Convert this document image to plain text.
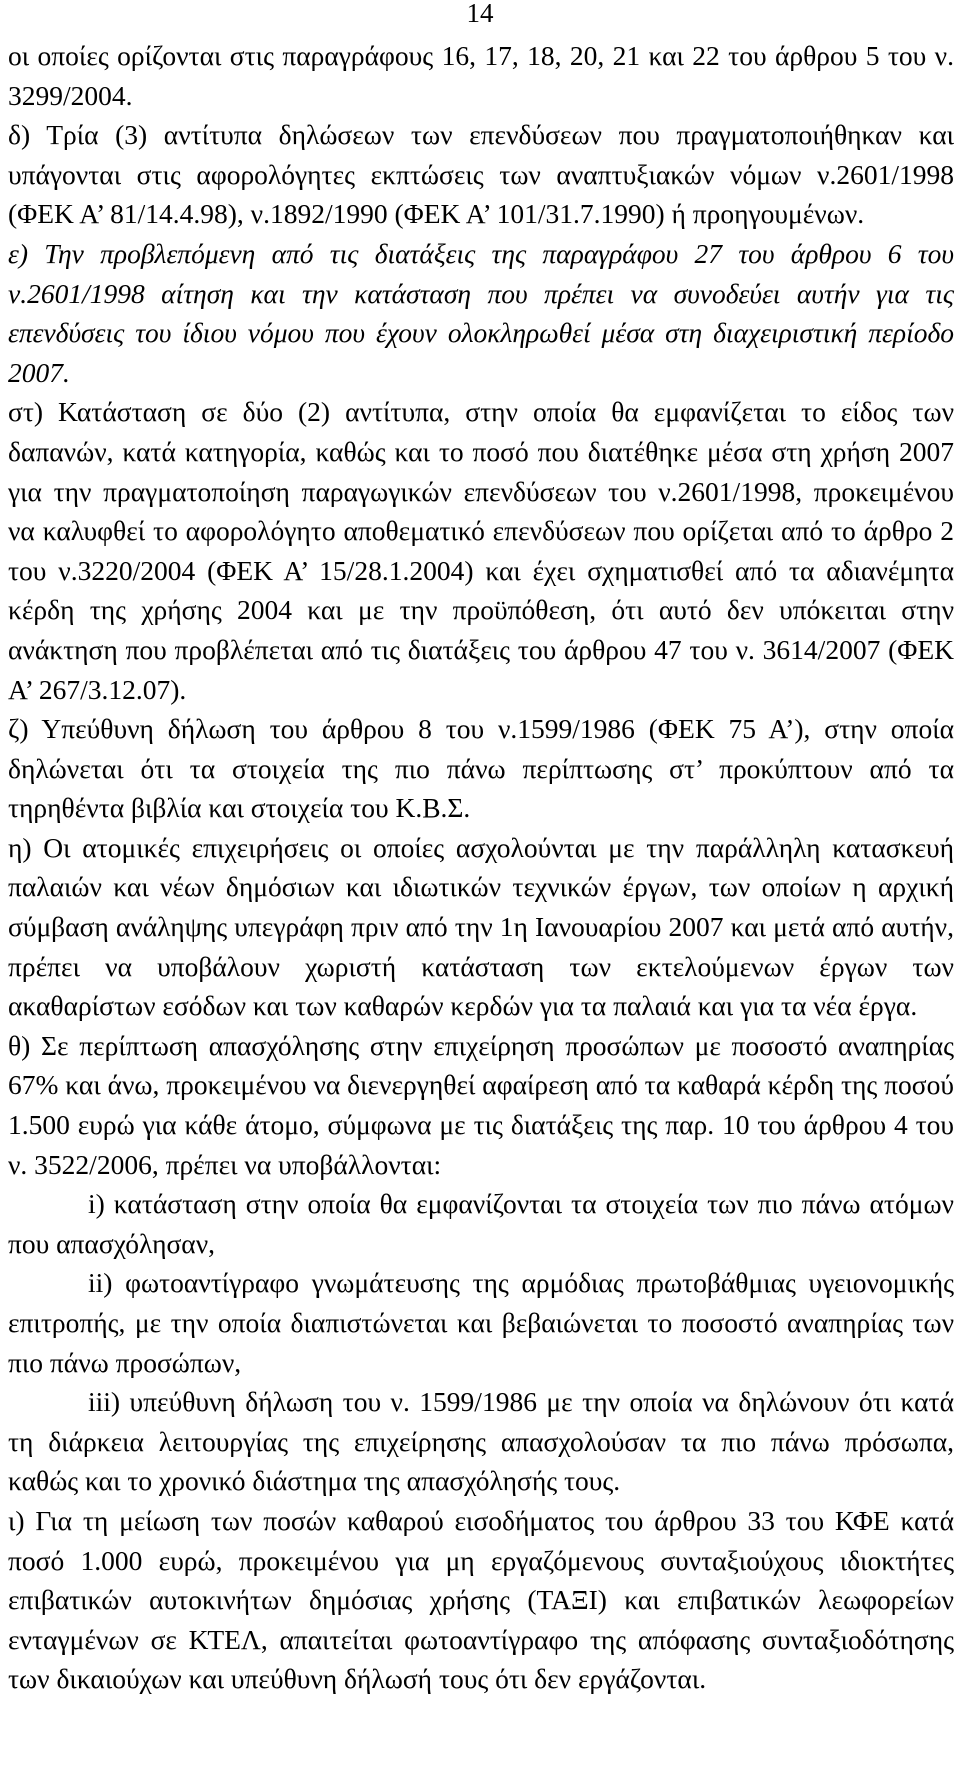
14

οι οποίες ορίζονται στις παραγράφους 16, 17, 18, 20, 21 και 22 του άρθρου 5 του ν. 3299/2004.

δ) Τρία (3) αντίτυπα δηλώσεων των επενδύσεων που πραγματοποιήθηκαν και υπάγονται στις αφορολόγητες εκπτώσεις των αναπτυξιακών νόμων ν.2601/1998 (ΦΕΚ Α’ 81/14.4.98), ν.1892/1990 (ΦΕΚ Α’ 101/31.7.1990) ή προηγουμένων.

ε) Την προβλεπόμενη από τις διατάξεις της παραγράφου 27 του άρθρου 6 του ν.2601/1998 αίτηση και την κατάσταση που πρέπει να συνοδεύει αυτήν για τις επενδύσεις του ίδιου νόμου που έχουν ολοκληρωθεί μέσα στη διαχειριστική περίοδο 2007.

στ) Κατάσταση σε δύο (2) αντίτυπα, στην οποία θα εμφανίζεται το είδος των δαπανών, κατά κατηγορία, καθώς και το ποσό που διατέθηκε μέσα στη χρήση 2007 για την πραγματοποίηση παραγωγικών επενδύσεων του ν.2601/1998, προκειμένου να καλυφθεί το αφορολόγητο αποθεματικό επενδύσεων που ορίζεται από το άρθρο 2 του ν.3220/2004 (ΦΕΚ Α’ 15/28.1.2004) και έχει σχηματισθεί από τα αδιανέμητα κέρδη της χρήσης 2004 και με την προϋπόθεση, ότι αυτό δεν υπόκειται στην ανάκτηση που προβλέπεται από τις διατάξεις του άρθρου 47 του ν. 3614/2007 (ΦΕΚ Α’ 267/3.12.07).

ζ) Υπεύθυνη δήλωση του άρθρου 8 του ν.1599/1986 (ΦΕΚ 75 Α’), στην οποία δηλώνεται ότι τα στοιχεία της πιο πάνω περίπτωσης στ’ προκύπτουν από τα τηρηθέντα βιβλία και στοιχεία του Κ.Β.Σ.

η) Οι ατομικές επιχειρήσεις οι οποίες ασχολούνται με την παράλληλη κατασκευή παλαιών και νέων δημόσιων και ιδιωτικών τεχνικών έργων, των οποίων η αρχική σύμβαση ανάληψης υπεγράφη πριν από την 1η Ιανουαρίου 2007 και μετά από αυτήν, πρέπει να υποβάλουν χωριστή κατάσταση των εκτελούμενων έργων των ακαθαρίστων εσόδων και των καθαρών κερδών για τα παλαιά και για τα νέα έργα.

θ) Σε περίπτωση απασχόλησης στην επιχείρηση προσώπων με ποσοστό αναπηρίας 67% και άνω, προκειμένου να διενεργηθεί αφαίρεση από τα καθαρά κέρδη της ποσού 1.500 ευρώ για κάθε άτομο, σύμφωνα με τις διατάξεις της παρ. 10 του άρθρου 4 του ν. 3522/2006, πρέπει να υποβάλλονται:

i) κατάσταση στην οποία θα εμφανίζονται τα στοιχεία των πιο πάνω ατόμων που απασχόλησαν,

ii) φωτοαντίγραφο γνωμάτευσης της αρμόδιας πρωτοβάθμιας υγειονομικής επιτροπής, με την οποία διαπιστώνεται και βεβαιώνεται το ποσοστό αναπηρίας των πιο πάνω προσώπων,

iii) υπεύθυνη δήλωση του ν. 1599/1986 με την οποία να δηλώνουν ότι κατά τη διάρκεια λειτουργίας της επιχείρησης απασχολούσαν τα πιο πάνω πρόσωπα, καθώς και το χρονικό διάστημα της απασχόλησής τους.

ι) Για τη μείωση των ποσών καθαρού εισοδήματος του άρθρου 33 του ΚΦΕ κατά ποσό 1.000 ευρώ, προκειμένου για μη εργαζόμενους συνταξιούχους ιδιοκτήτες επιβατικών αυτοκινήτων δημόσιας χρήσης (ΤΑΞΙ) και επιβατικών λεωφορείων ενταγμένων σε ΚΤΕΛ, απαιτείται φωτοαντίγραφο της απόφασης συνταξιοδότησης των δικαιούχων και υπεύθυνη δήλωσή τους ότι δεν εργάζονται.
